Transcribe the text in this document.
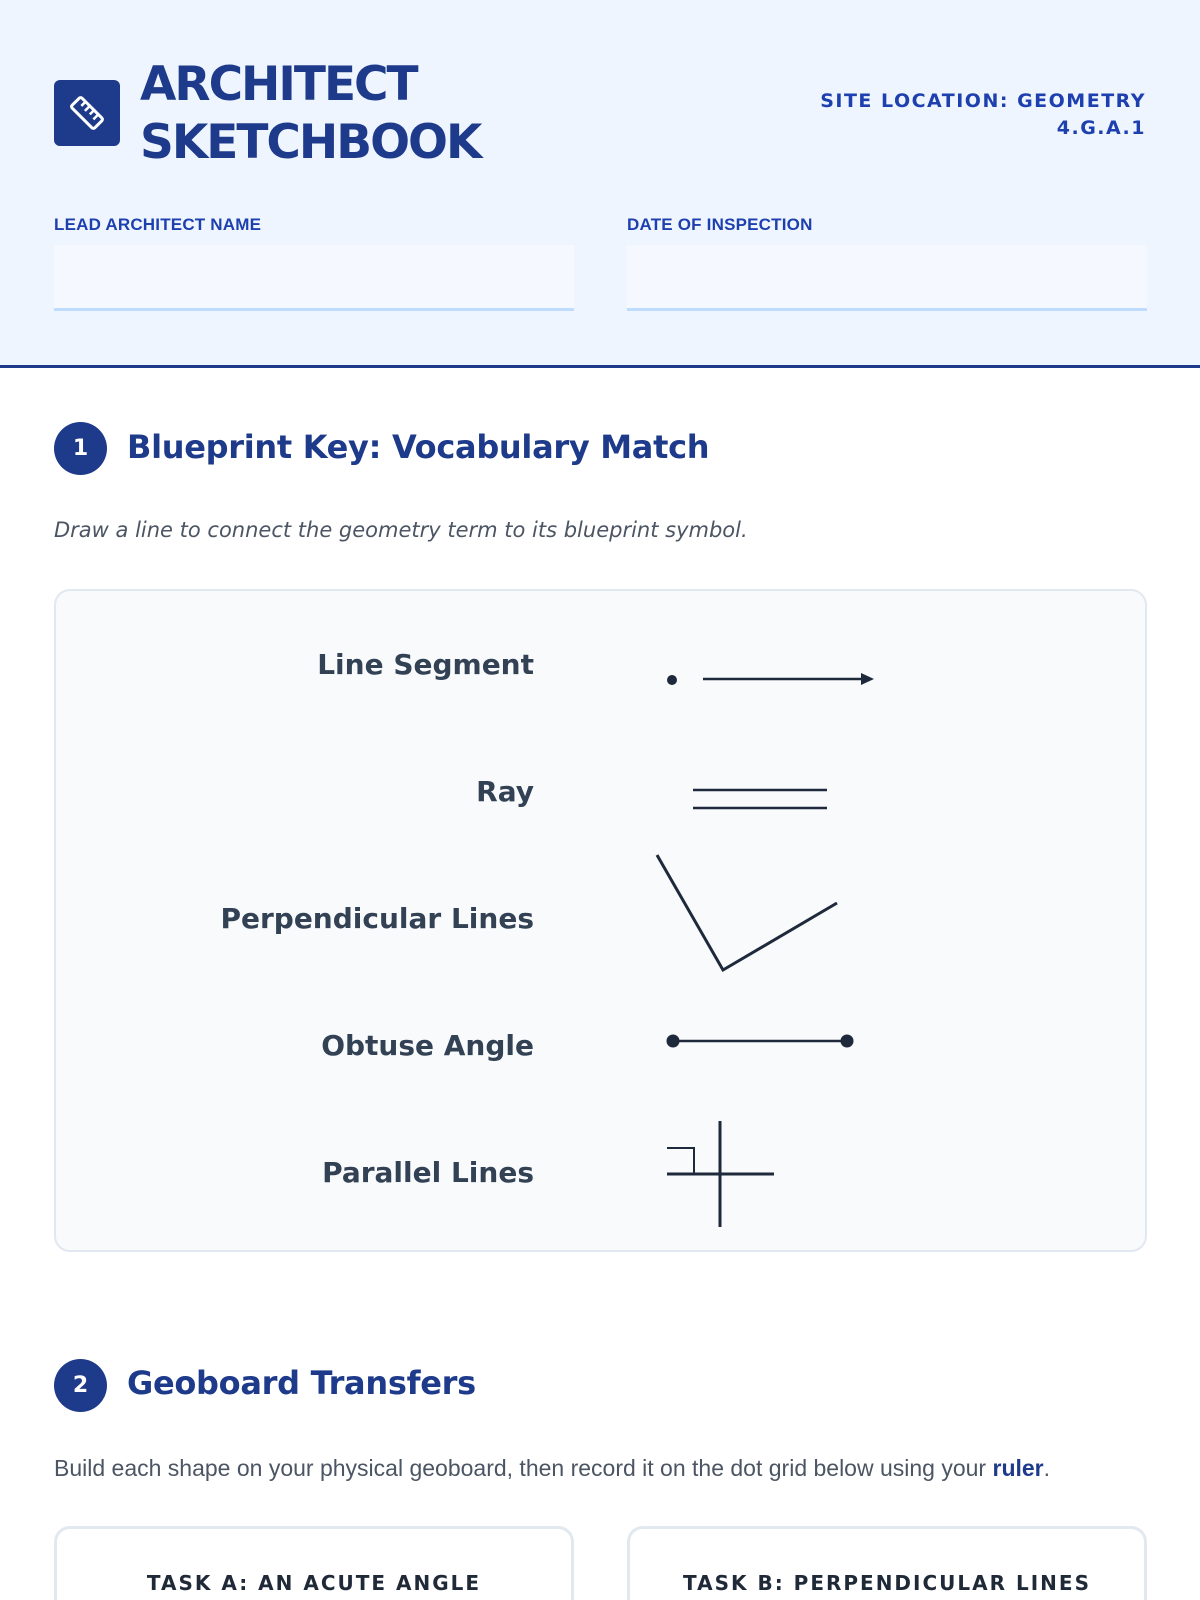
ARCHITECT
SKETCHBOOK
SITE LOCATION: GEOMETRY
4.G.A.1
LEAD ARCHITECT NAME	DATE OF INSPECTION
1	Blueprint Key: Vocabulary Match
Draw a line to connect the geometry term to its blueprint symbol.
Line Segment
Ray
Perpendicular Lines
Obtuse Angle
Parallel Lines
2	Geoboard Transfers
Build each shape on your physical geoboard, then record it on the dot grid below using your ruler.
TASK A: AN ACUTE ANGLE	TASK B: PERPENDICULAR LINES
